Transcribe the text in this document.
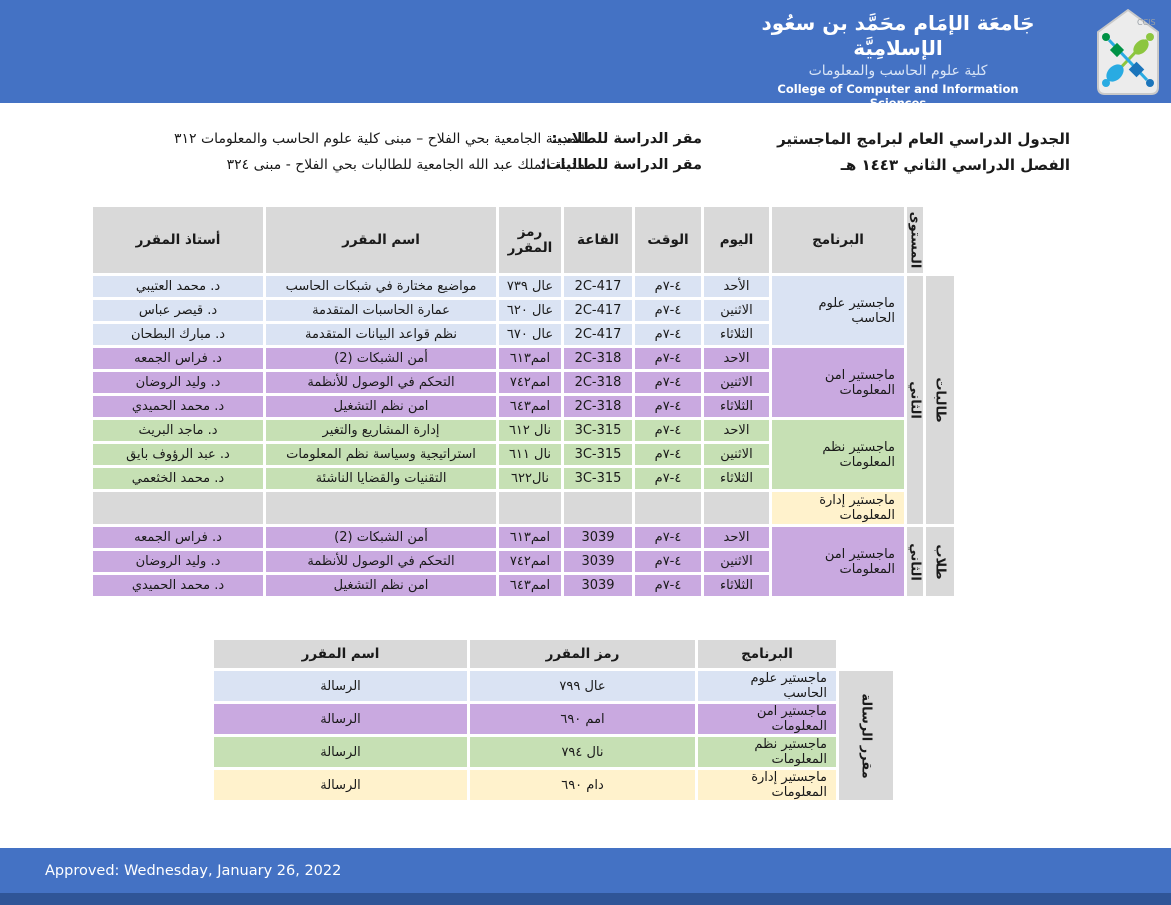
جَامعَة الإمَام محَمَّد بن سعُود الإسلامِيَّة
كلية علوم الحاسب والمعلومات
College of Computer and Information Sciences
CCIS
الجدول الدراسي العام لبرامج الماجستير
الفصل الدراسي الثاني ١٤٤٣ هـ
مقر الدراسة للطلاب:
مقر الدراسة للطالبات:
المدينة الجامعية بحي الفلاح – مبنى كلية علوم الحاسب والمعلومات ٣١٢
مدينة الملك عبد الله الجامعية للطالبات بحي الفلاح - مبنى ٣٢٤

	المستوى	البرنامج	اليوم	الوقت	القاعة	رمز المقرر	اسم المقرر	أستاذ المقرر

طالبات	الثاني	ماجستير علوم الحاسب	الأحد	٤-٧م	2C-417	عال ٧٣٩	مواضيع مختارة في شبكات الحاسب	د. محمد العتيبي
			الاثنين	٤-٧م	2C-417	عال ٦٢٠	عمارة الحاسبات المتقدمة	د. قيصر عباس
			الثلاثاء	٤-٧م	2C-417	عال ٦٧٠	نظم قواعد البيانات المتقدمة	د. مبارك البطحان
		ماجستير امن المعلومات	الاحد	٤-٧م	2C-318	امم٦١٣	أمن الشبكات (2)	د. فراس الجمعه
			الاثنين	٤-٧م	2C-318	امم٧٤٢	التحكم في الوصول للأنظمة	د. وليد الروضان
			الثلاثاء	٤-٧م	2C-318	امم٦٤٣	امن نظم التشغيل	د. محمد الحميدي
		ماجستير نظم المعلومات	الاحد	٤-٧م	3C-315	نال ٦١٢	إدارة المشاريع والتغير	د. ماجد البريث
			الاثنين	٤-٧م	3C-315	نال ٦١١	استراتيجية وسياسة نظم المعلومات	د. عبد الرؤوف بايق
			الثلاثاء	٤-٧م	3C-315	نال٦٢٢	التقنيات والقضايا الناشئة	د. محمد الخثعمي
		ماجستير إدارة المعلومات						

طلاب	الثاني	ماجستير امن المعلومات	الاحد	٤-٧م	3039	امم٦١٣	أمن الشبكات (2)	د. فراس الجمعه
			الاثنين	٤-٧م	3039	امم٧٤٢	التحكم في الوصول للأنظمة	د. وليد الروضان
			الثلاثاء	٤-٧م	3039	امم٦٤٣	امن نظم التشغيل	د. محمد الحميدي
	البرنامج	رمز المقرر	اسم المقرر

مقرر الرسالة	ماجستير علوم الحاسب	عال ٧٩٩	الرسالة
	ماجستير امن المعلومات	امم ٦٩٠	الرسالة
	ماجستير نظم المعلومات	نال ٧٩٤	الرسالة
	ماجستير إدارة المعلومات	دام ٦٩٠	الرسالة
Approved: Wednesday, January 26, 2022
